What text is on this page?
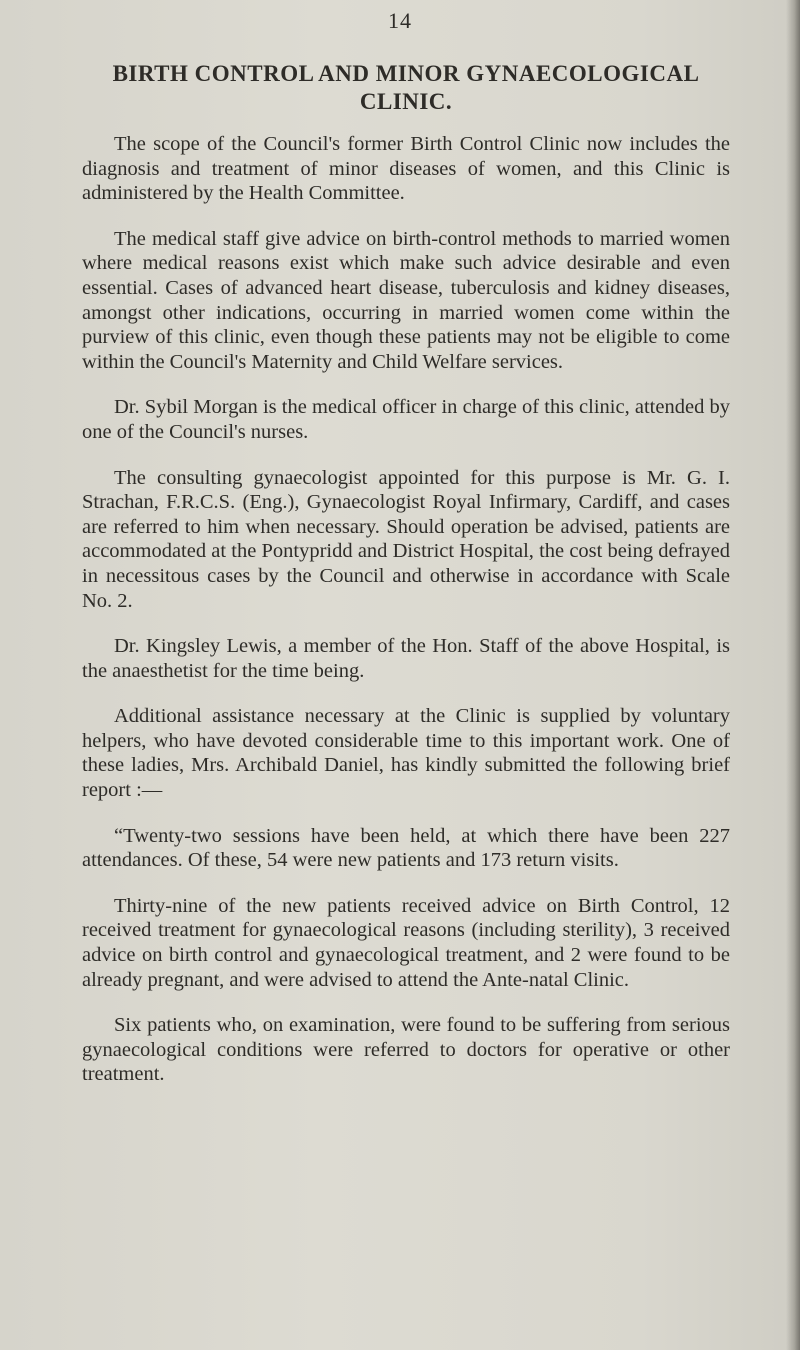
14
BIRTH CONTROL AND MINOR GYNAECOLOGICAL CLINIC.

The scope of the Council's former Birth Control Clinic now includes the diagnosis and treatment of minor diseases of women, and this Clinic is administered by the Health Committee.

The medical staff give advice on birth-control methods to married women where medical reasons exist which make such advice desirable and even essential. Cases of advanced heart disease, tuberculosis and kidney diseases, amongst other indications, occurring in married women come within the purview of this clinic, even though these patients may not be eligible to come within the Council's Maternity and Child Welfare services.

Dr. Sybil Morgan is the medical officer in charge of this clinic, attended by one of the Council's nurses.

The consulting gynaecologist appointed for this purpose is Mr. G. I. Strachan, F.R.C.S. (Eng.), Gynaecologist Royal Infirmary, Cardiff, and cases are referred to him when necessary. Should operation be advised, patients are accommodated at the Pontypridd and District Hospital, the cost being defrayed in necessitous cases by the Council and otherwise in accordance with Scale No. 2.

Dr. Kingsley Lewis, a member of the Hon. Staff of the above Hospital, is the anaesthetist for the time being.

Additional assistance necessary at the Clinic is supplied by voluntary helpers, who have devoted considerable time to this important work. One of these ladies, Mrs. Archibald Daniel, has kindly submitted the following brief report :—

“Twenty-two sessions have been held, at which there have been 227 attendances. Of these, 54 were new patients and 173 return visits.

Thirty-nine of the new patients received advice on Birth Control, 12 received treatment for gynaecological reasons (including sterility), 3 received advice on birth control and gynaecological treatment, and 2 were found to be already pregnant, and were advised to attend the Ante-natal Clinic.

Six patients who, on examination, were found to be suffering from serious gynaecological conditions were referred to doctors for operative or other treatment.
